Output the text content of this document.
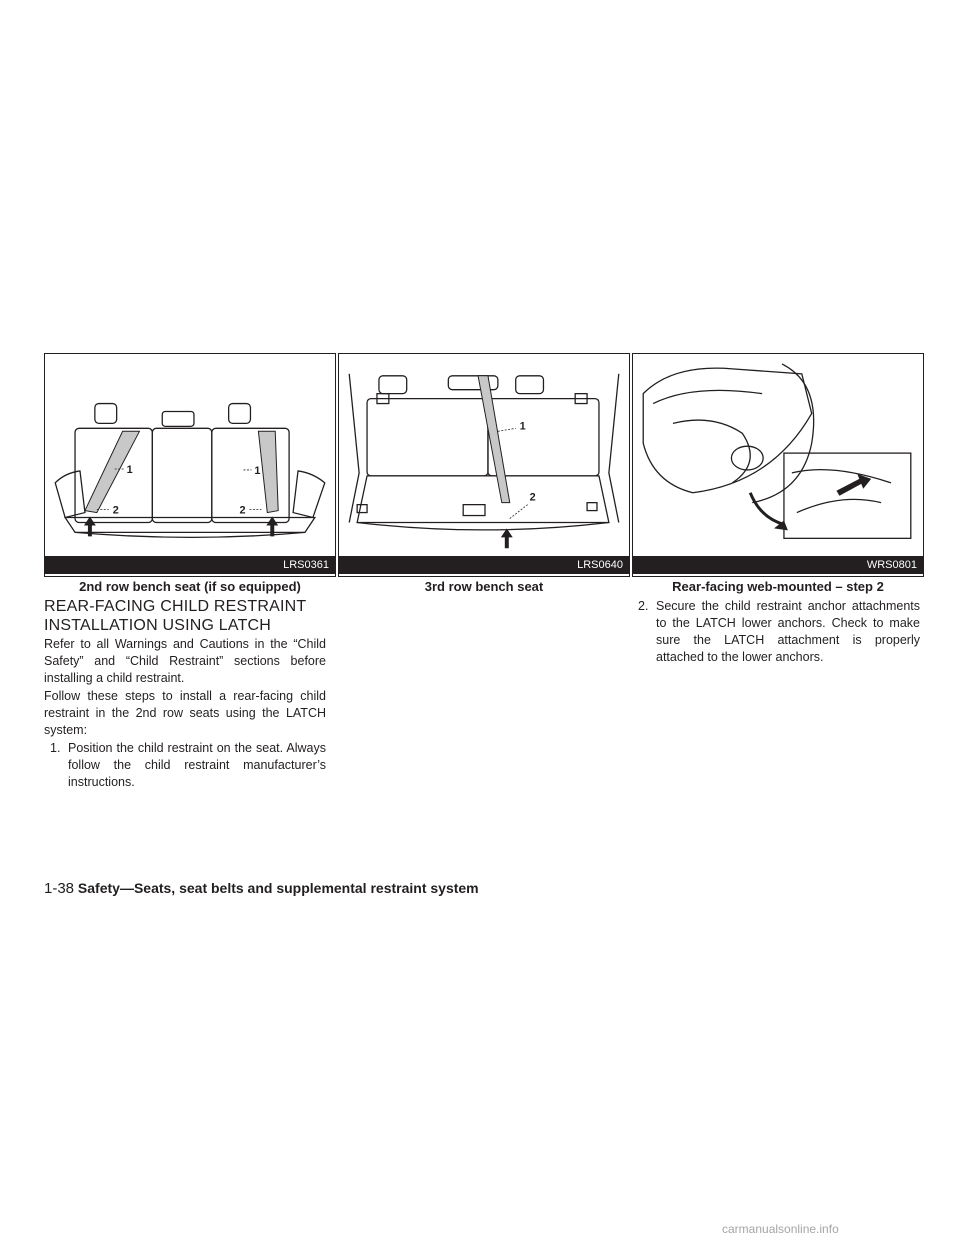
1	1
2	2
LRS0361
2nd row bench seat (if so equipped)
1
2
LRS0640
3rd row bench seat
WRS0801
Rear-facing web-mounted – step 2
REAR-FACING CHILD RESTRAINT
INSTALLATION USING LATCH
Refer to all Warnings and Cautions in the “Child Safety” and “Child Restraint” sections before installing a child restraint.
Follow these steps to install a rear-facing child restraint in the 2nd row seats using the LATCH system:
1. Position the child restraint on the seat. Always follow the child restraint manufacturer’s instructions.
2. Secure the child restraint anchor attachments to the LATCH lower anchors. Check to make sure the LATCH attachment is properly attached to the lower anchors.
1-38 Safety—Seats, seat belts and supplemental restraint system
carmanualsonline.info
